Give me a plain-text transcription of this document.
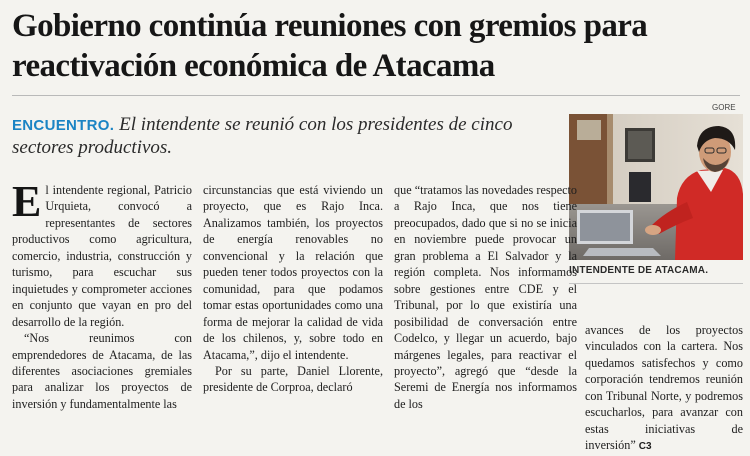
Gobierno continúa reuniones con gremios para reactivación económica de Atacama
ENCUENTRO. El intendente se reunió con los presidentes de cinco sectores productivos.
GORE
INTENDENTE DE ATACAMA.

El intendente regional, Patricio Urquieta, convocó a representantes de sectores productivos como agricultura, comercio, industria, construcción y turismo, para escuchar sus inquietudes y comprometer acciones en conjunto que vayan en pro del desarrollo de la región.

“Nos reunimos con emprendedores de Atacama, de las diferentes asociaciones gremiales para analizar los proyectos de inversión y fundamentalmente las

circunstancias que está viviendo un proyecto, que es Rajo Inca. Analizamos también, los proyectos de energía renovables no convencional y la relación que pueden tener todos proyectos con la comunidad, para que podamos tomar estas oportunidades como una forma de mejorar la calidad de vida de los chilenos, y, sobre todo en Atacama,”, dijo el intendente.

Por su parte, Daniel Llorente, presidente de Corproa, declaró

que “tratamos las novedades respecto a Rajo Inca, que nos tiene preocupados, dado que si no se inicia en noviembre puede provocar un gran problema a El Salvador y la región completa. Nos informamos sobre gestiones entre CDE y el Tribunal, por lo que existiría una posibilidad de conversación entre Codelco, y llegar un acuerdo, bajo márgenes legales, para reactivar el proyecto”, agregó que “desde la Seremi de Energía nos informamos de los

avances de los proyectos vinculados con la cartera. Nos quedamos satisfechos y como corporación tendremos reunión con Tribunal Norte, y podremos escucharlos, para avanzar con estas iniciativas de inversión” C3
